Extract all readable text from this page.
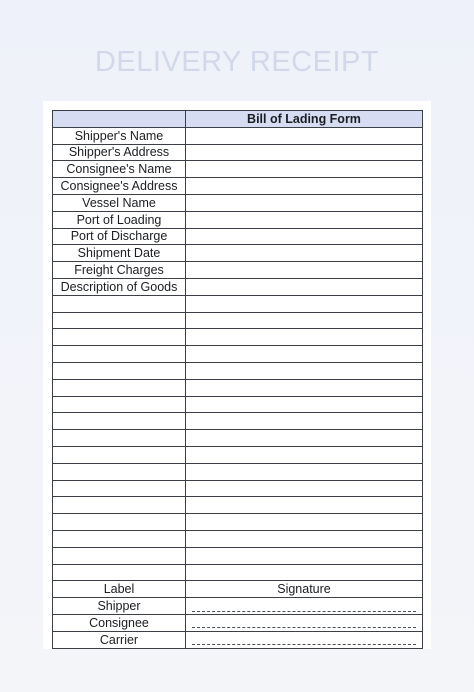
DELIVERY RECEIPT
	Bill of Lading Form
Shipper's Name	
Shipper's Address	
Consignee's Name	
Consignee's Address	
Vessel Name	
Port of Loading	
Port of Discharge	
Shipment Date	
Freight Charges	
Description of Goods	

Label	Signature
Shipper	

Consignee	

Carrier	
